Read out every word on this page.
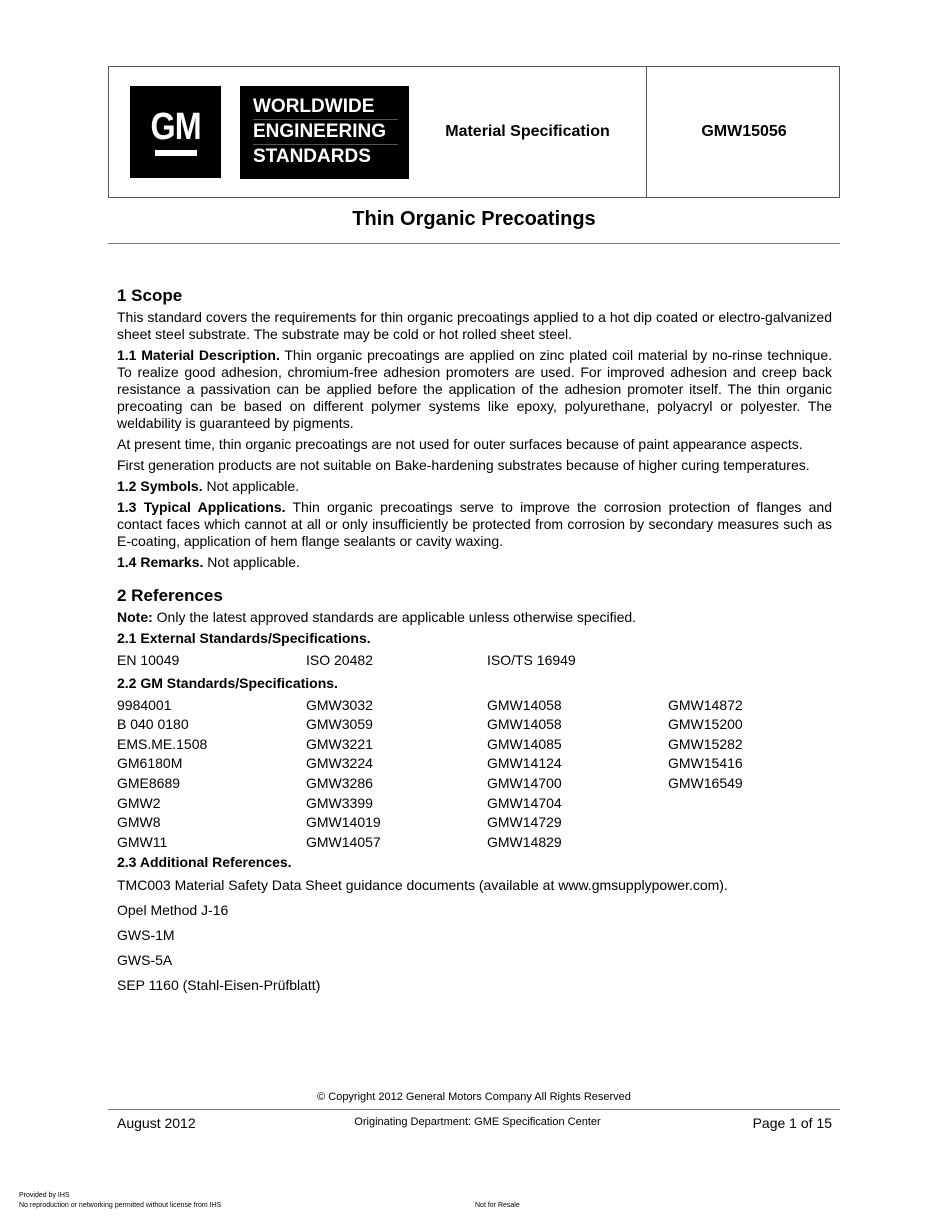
GM	WORLDWIDE
ENGINEERING
STANDARDS
Material Specification	GMW15056
Thin Organic Precoatings
1 Scope

This standard covers the requirements for thin organic precoatings applied to a hot dip coated or electro-galvanized sheet steel substrate. The substrate may be cold or hot rolled sheet steel.

1.1 Material Description. Thin organic precoatings are applied on zinc plated coil material by no-rinse technique. To realize good adhesion, chromium-free adhesion promoters are used. For improved adhesion and creep back resistance a passivation can be applied before the application of the adhesion promoter itself. The thin organic precoating can be based on different polymer systems like epoxy, polyurethane, polyacryl or polyester. The weldability is guaranteed by pigments.

At present time, thin organic precoatings are not used for outer surfaces because of paint appearance aspects.

First generation products are not suitable on Bake-hardening substrates because of higher curing temperatures.

1.2 Symbols. Not applicable.

1.3 Typical Applications. Thin organic precoatings serve to improve the corrosion protection of flanges and contact faces which cannot at all or only insufficiently be protected from corrosion by secondary measures such as E-coating, application of hem flange sealants or cavity waxing.

1.4 Remarks. Not applicable.

2 References

Note: Only the latest approved standards are applicable unless otherwise specified.

2.1 External Standards/Specifications.

EN 10049	ISO 20482	ISO/TS 16949

2.2 GM Standards/Specifications.

9984001	GMW3032	GMW14058	GMW14872
B 040 0180	GMW3059	GMW14058	GMW15200
EMS.ME.1508	GMW3221	GMW14085	GMW15282
GM6180M	GMW3224	GMW14124	GMW15416
GME8689	GMW3286	GMW14700	GMW16549
GMW2	GMW3399	GMW14704
GMW8	GMW14019	GMW14729
GMW11	GMW14057	GMW14829

2.3 Additional References.

TMC003 Material Safety Data Sheet guidance documents (available at www.gmsupplypower.com).

Opel Method J-16

GWS-1M

GWS-5A

SEP 1160 (Stahl-Eisen-Prüfblatt)

© Copyright 2012 General Motors Company All Rights Reserved
August 2012	Originating Department: GME Specification Center	Page 1 of 15
Provided by IHS
No reproduction or networking permitted without license from IHS	Not for Resale
